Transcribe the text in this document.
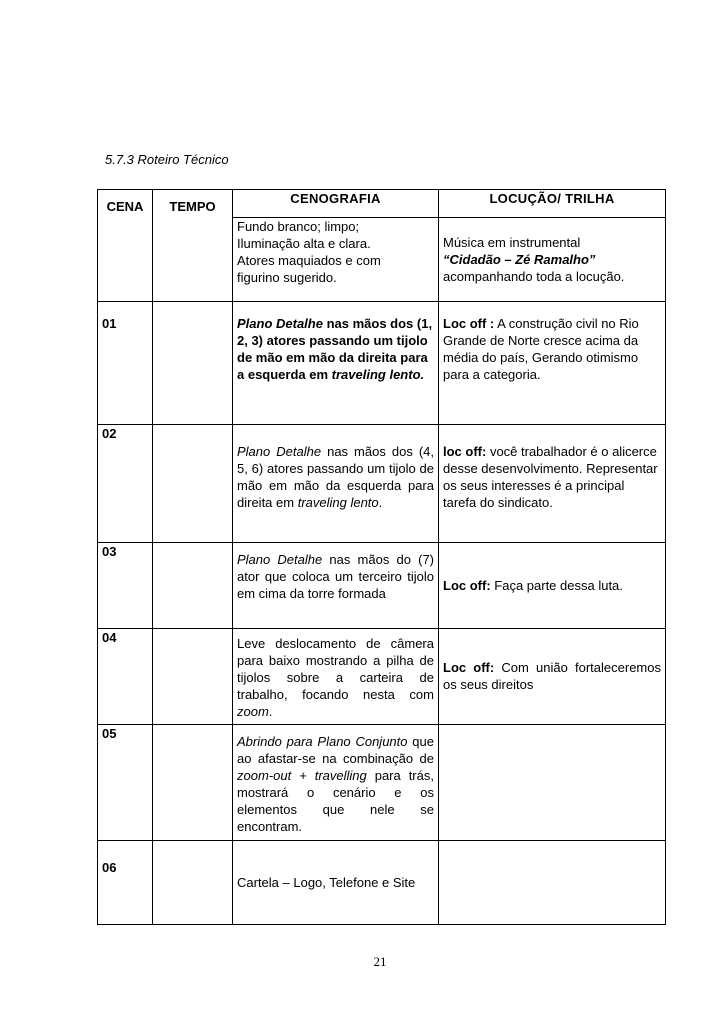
5.7.3 Roteiro Técnico
CENA	TEMPO	CENOGRAFIA	LOCUÇÃO/ TRILHA

		Fundo branco; limpo;
Iluminação alta e clara.
Atores maquiados e com
figurino sugerido.	Música em instrumental
“Cidadão – Zé Ramalho”
acompanhando toda a locução.

01		Plano Detalhe nas mãos dos (1, 2, 3) atores passando um tijolo de mão em mão da direita para a esquerda em traveling lento.	Loc off : A construção civil no Rio Grande de Norte cresce acima da média do país, Gerando otimismo para a categoria.
02		Plano Detalhe nas mãos dos (4, 5, 6) atores passando um tijolo de mão em mão da esquerda para direita em traveling lento.	loc off: você trabalhador é o alicerce desse desenvolvimento. Representar os seus interesses é a principal tarefa do sindicato.
03		Plano Detalhe nas mãos do (7) ator que coloca um terceiro tijolo em cima da torre formada	Loc off: Faça parte dessa luta.
04		Leve deslocamento de câmera para baixo mostrando a pilha de tijolos sobre a carteira de trabalho, focando nesta com zoom.	Loc off: Com união fortaleceremos os seus direitos
05		Abrindo para Plano Conjunto que ao afastar-se na combinação de zoom-out + travelling para trás, mostrará o cenário e os elementos que nele se encontram.	
06		Cartela – Logo, Telefone e Site	
21
